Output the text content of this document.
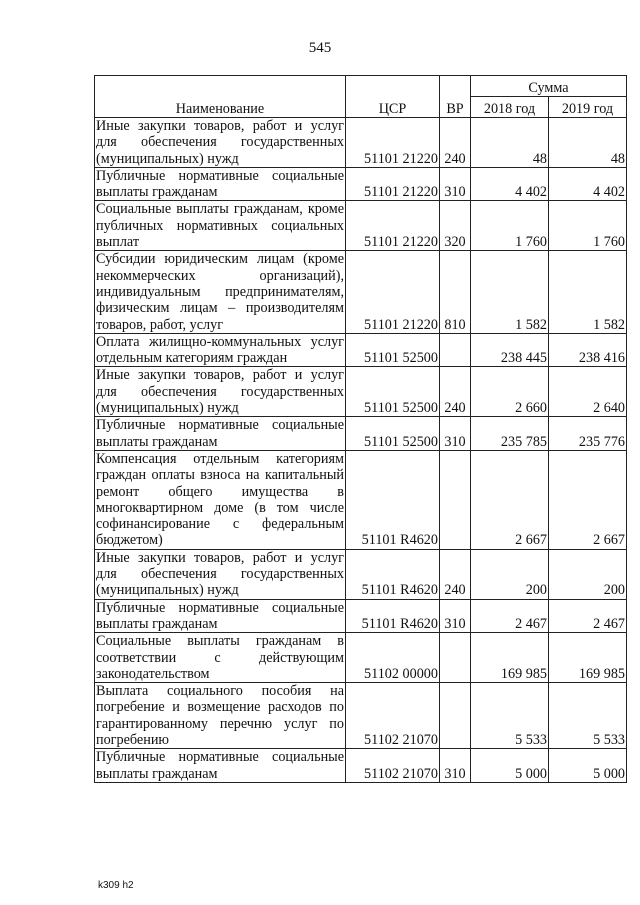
545
Наименование	ЦСР	ВР	Сумма	
			2018 год	2019 год
Иные закупки товаров, работ и услуг для обеспечения государственных (муниципальных) нужд	51101 21220	240	48	48
Публичные нормативные социальные выплаты гражданам	51101 21220	310	4 402	4 402
Социальные выплаты гражданам, кроме публичных нормативных социальных выплат	51101 21220	320	1 760	1 760
Субсидии юридическим лицам (кроме некоммерческих организаций), индивидуальным предпринимателям, физическим лицам – производителям товаров, работ, услуг	51101 21220	810	1 582	1 582
Оплата жилищно-коммунальных услуг отдельным категориям граждан	51101 52500		238 445	238 416
Иные закупки товаров, работ и услуг для обеспечения государственных (муниципальных) нужд	51101 52500	240	2 660	2 640
Публичные нормативные социальные выплаты гражданам	51101 52500	310	235 785	235 776
Компенсация отдельным категориям граждан оплаты взноса на капитальный ремонт общего имущества в многоквартирном доме (в том числе софинансирование с федеральным бюджетом)	51101 R4620		2 667	2 667
Иные закупки товаров, работ и услуг для обеспечения государственных (муниципальных) нужд	51101 R4620	240	200	200
Публичные нормативные социальные выплаты гражданам	51101 R4620	310	2 467	2 467
Социальные выплаты гражданам в соответствии с действующим законодательством	51102 00000		169 985	169 985
Выплата социального пособия на погребение и возмещение расходов по гарантированному перечню услуг по погребению	51102 21070		5 533	5 533
Публичные нормативные социальные выплаты гражданам	51102 21070	310	5 000	5 000
k309 h2
